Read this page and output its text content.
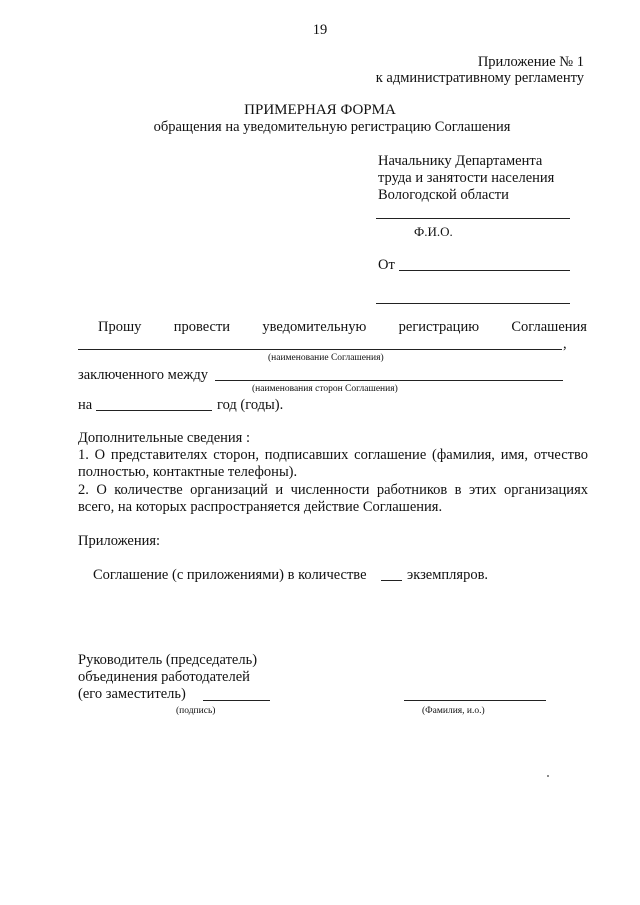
19
Приложение № 1
к административному регламенту
ПРИМЕРНАЯ ФОРМА
обращения на уведомительную регистрацию Соглашения
Начальнику Департамента
труда и занятости населения
Вологодской области
Ф.И.О.
От
Прошу провести уведомительную регистрацию Соглашения
,
(наименование Соглашения)
заключенного между
(наименования сторон Соглашения)
на	год (годы).
Дополнительные сведения :
1. О представителях сторон, подписавших соглашение (фамилия, имя, отчество
полностью, контактные телефоны).
2. О количестве организаций и численности работников в этих организациях
всего, на которых распространяется действие Соглашения.
Приложения:
Соглашение (с приложениями) в количестве	экземпляров.
Руководитель (председатель)
объединения работодателей
(его заместитель)
(подпись)	(Фамилия, и.о.)
